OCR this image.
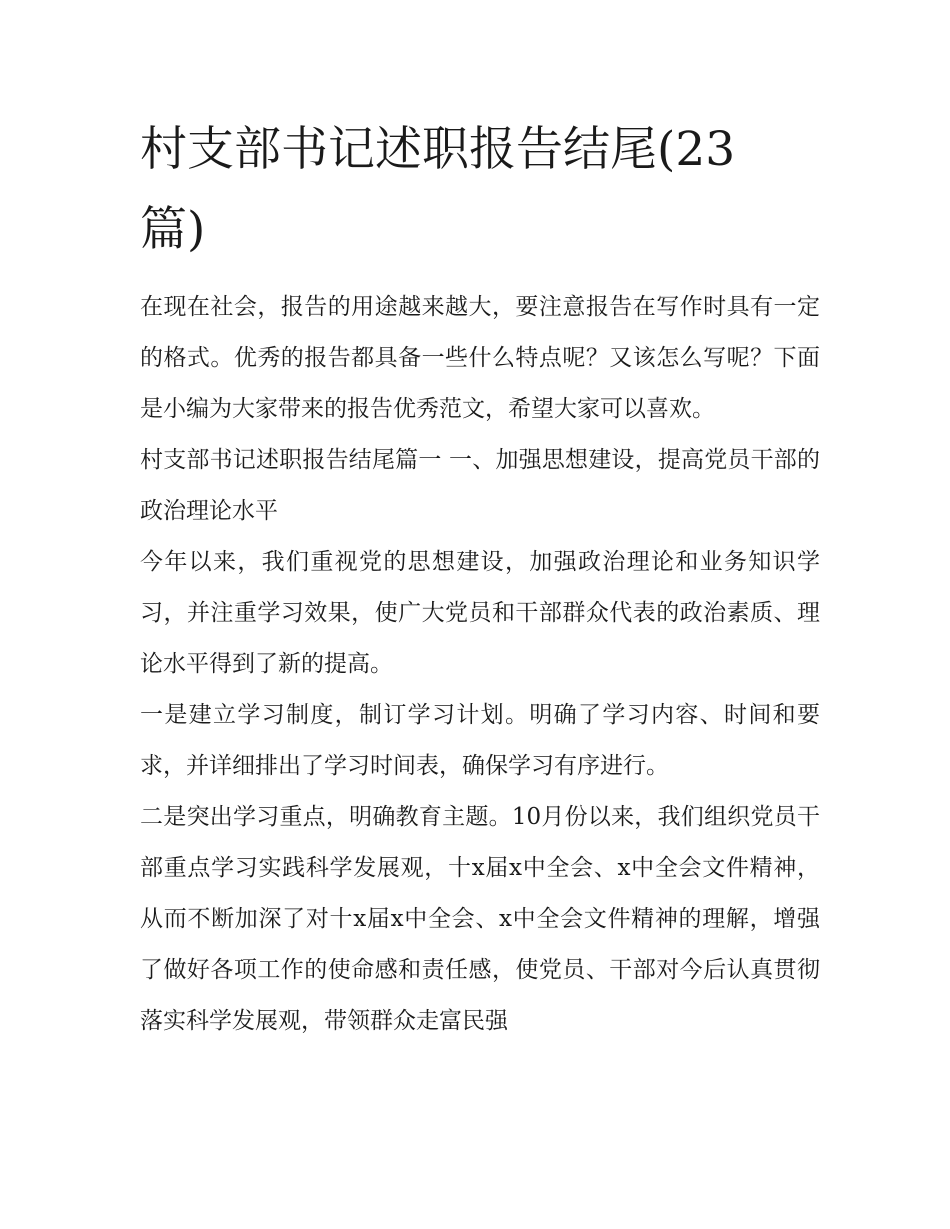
村支部书记述职报告结尾(23篇)

在现在社会，报告的用途越来越大，要注意报告在写作时具有一定的格式。优秀的报告都具备一些什么特点呢？又该怎么写呢？下面是小编为大家带来的报告优秀范文，希望大家可以喜欢。

村支部书记述职报告结尾篇一 一、加强思想建设，提高党员干部的政治理论水平

今年以来，我们重视党的思想建设，加强政治理论和业务知识学习，并注重学习效果，使广大党员和干部群众代表的政治素质、理论水平得到了新的提高。

一是建立学习制度，制订学习计划。明确了学习内容、时间和要求，并详细排出了学习时间表，确保学习有序进行。

二是突出学习重点，明确教育主题。10月份以来，我们组织党员干部重点学习实践科学发展观，十x届x中全会、x中全会文件精神，从而不断加深了对十x届x中全会、x中全会文件精神的理解，增强了做好各项工作的使命感和责任感，使党员、干部对今后认真贯彻落实科学发展观，带领群众走富民强
